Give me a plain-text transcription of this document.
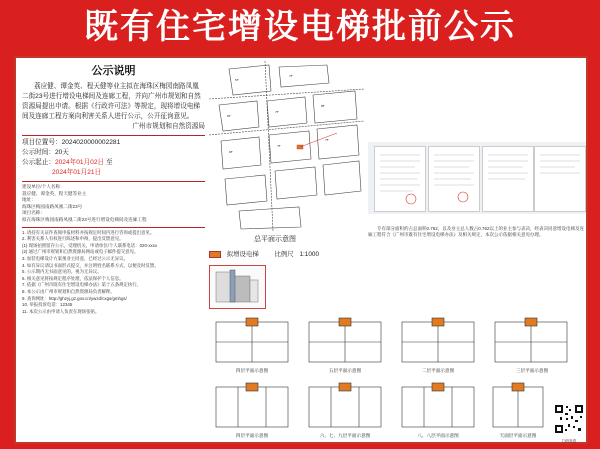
既有住宅增设电梯批前公示
公示说明
荔应健、谭金英、程天健等业主拟在海珠区梅园南路凤凰二街23号进行增设电梯间及连廊工程，并向广州市规划和自然资源局提出申请。根据《行政许可法》等规定，现将增设电梯间及连廊工程方案向利害关系人进行公示，公开征询意见。
广州市规划和自然资源局
项目位置号：2024020000002281
公示时间：20天
公示起止：2024年01月02日 至
2024年01月21日
建设单位/个人名称：
荔应健、谭金英、程天健等业主
地址：
海珠区梅园南路凤凰二街23号
项目名称：
拟在海珠区梅园南路凤凰二街23号进行增设电梯间及连廊工程
1. 请持有关证件查阅申报材料并按规定时间内进行咨询或提出意见。
2. 利害关系人有权进行陈述和申辩，提出反馈意见。
(1) 现场拍照留存公示，受理机关、申请单位/个人联系电话：020-xxxx
(2) 通过广州市规划和自然资源局网站或电子邮件提交意见。
3. 加装电梯设计方案须业主同意，已经过公示无异议。
4. 如有异议请以书面形式提交，并注明姓名联系方式，以便及时反馈。
5. 公示期内无书面意见的，视为无异议。
6. 相关意见将按规定程序处理，依法保护个人信息。
7. 依据《广州市既有住宅增设电梯办法》第十五条规定执行。
8. 本公示由广州市规划和自然资源局负责解释。
9. 查询网址：http://ghzyj.gz.gov.cn/ywzd/cxgs/gmhgs/
10. 举报投诉电话：12345
11. 本次公示由申请人负责在现场张贴。
5F
7F
6F
7F
8F
6F
7F
7F
总平面示意图
拟增设电梯 比例尺 1:1000
专有部分面积约占总面积0.762，以及业主总人数占0.762以上的业主参与表决，经表决同意增设电梯及连廊工程符合《广州市既有住宅增设电梯办法》及相关规定，本次公示依据相关意见办理。
四层平面示意图	五层平面示意图	二层平面示意图	三层平面示意图
四层平面示意图	六、七、九层平面示意图	八、八层平面示意图	天面层平面示意图
扫码查看
